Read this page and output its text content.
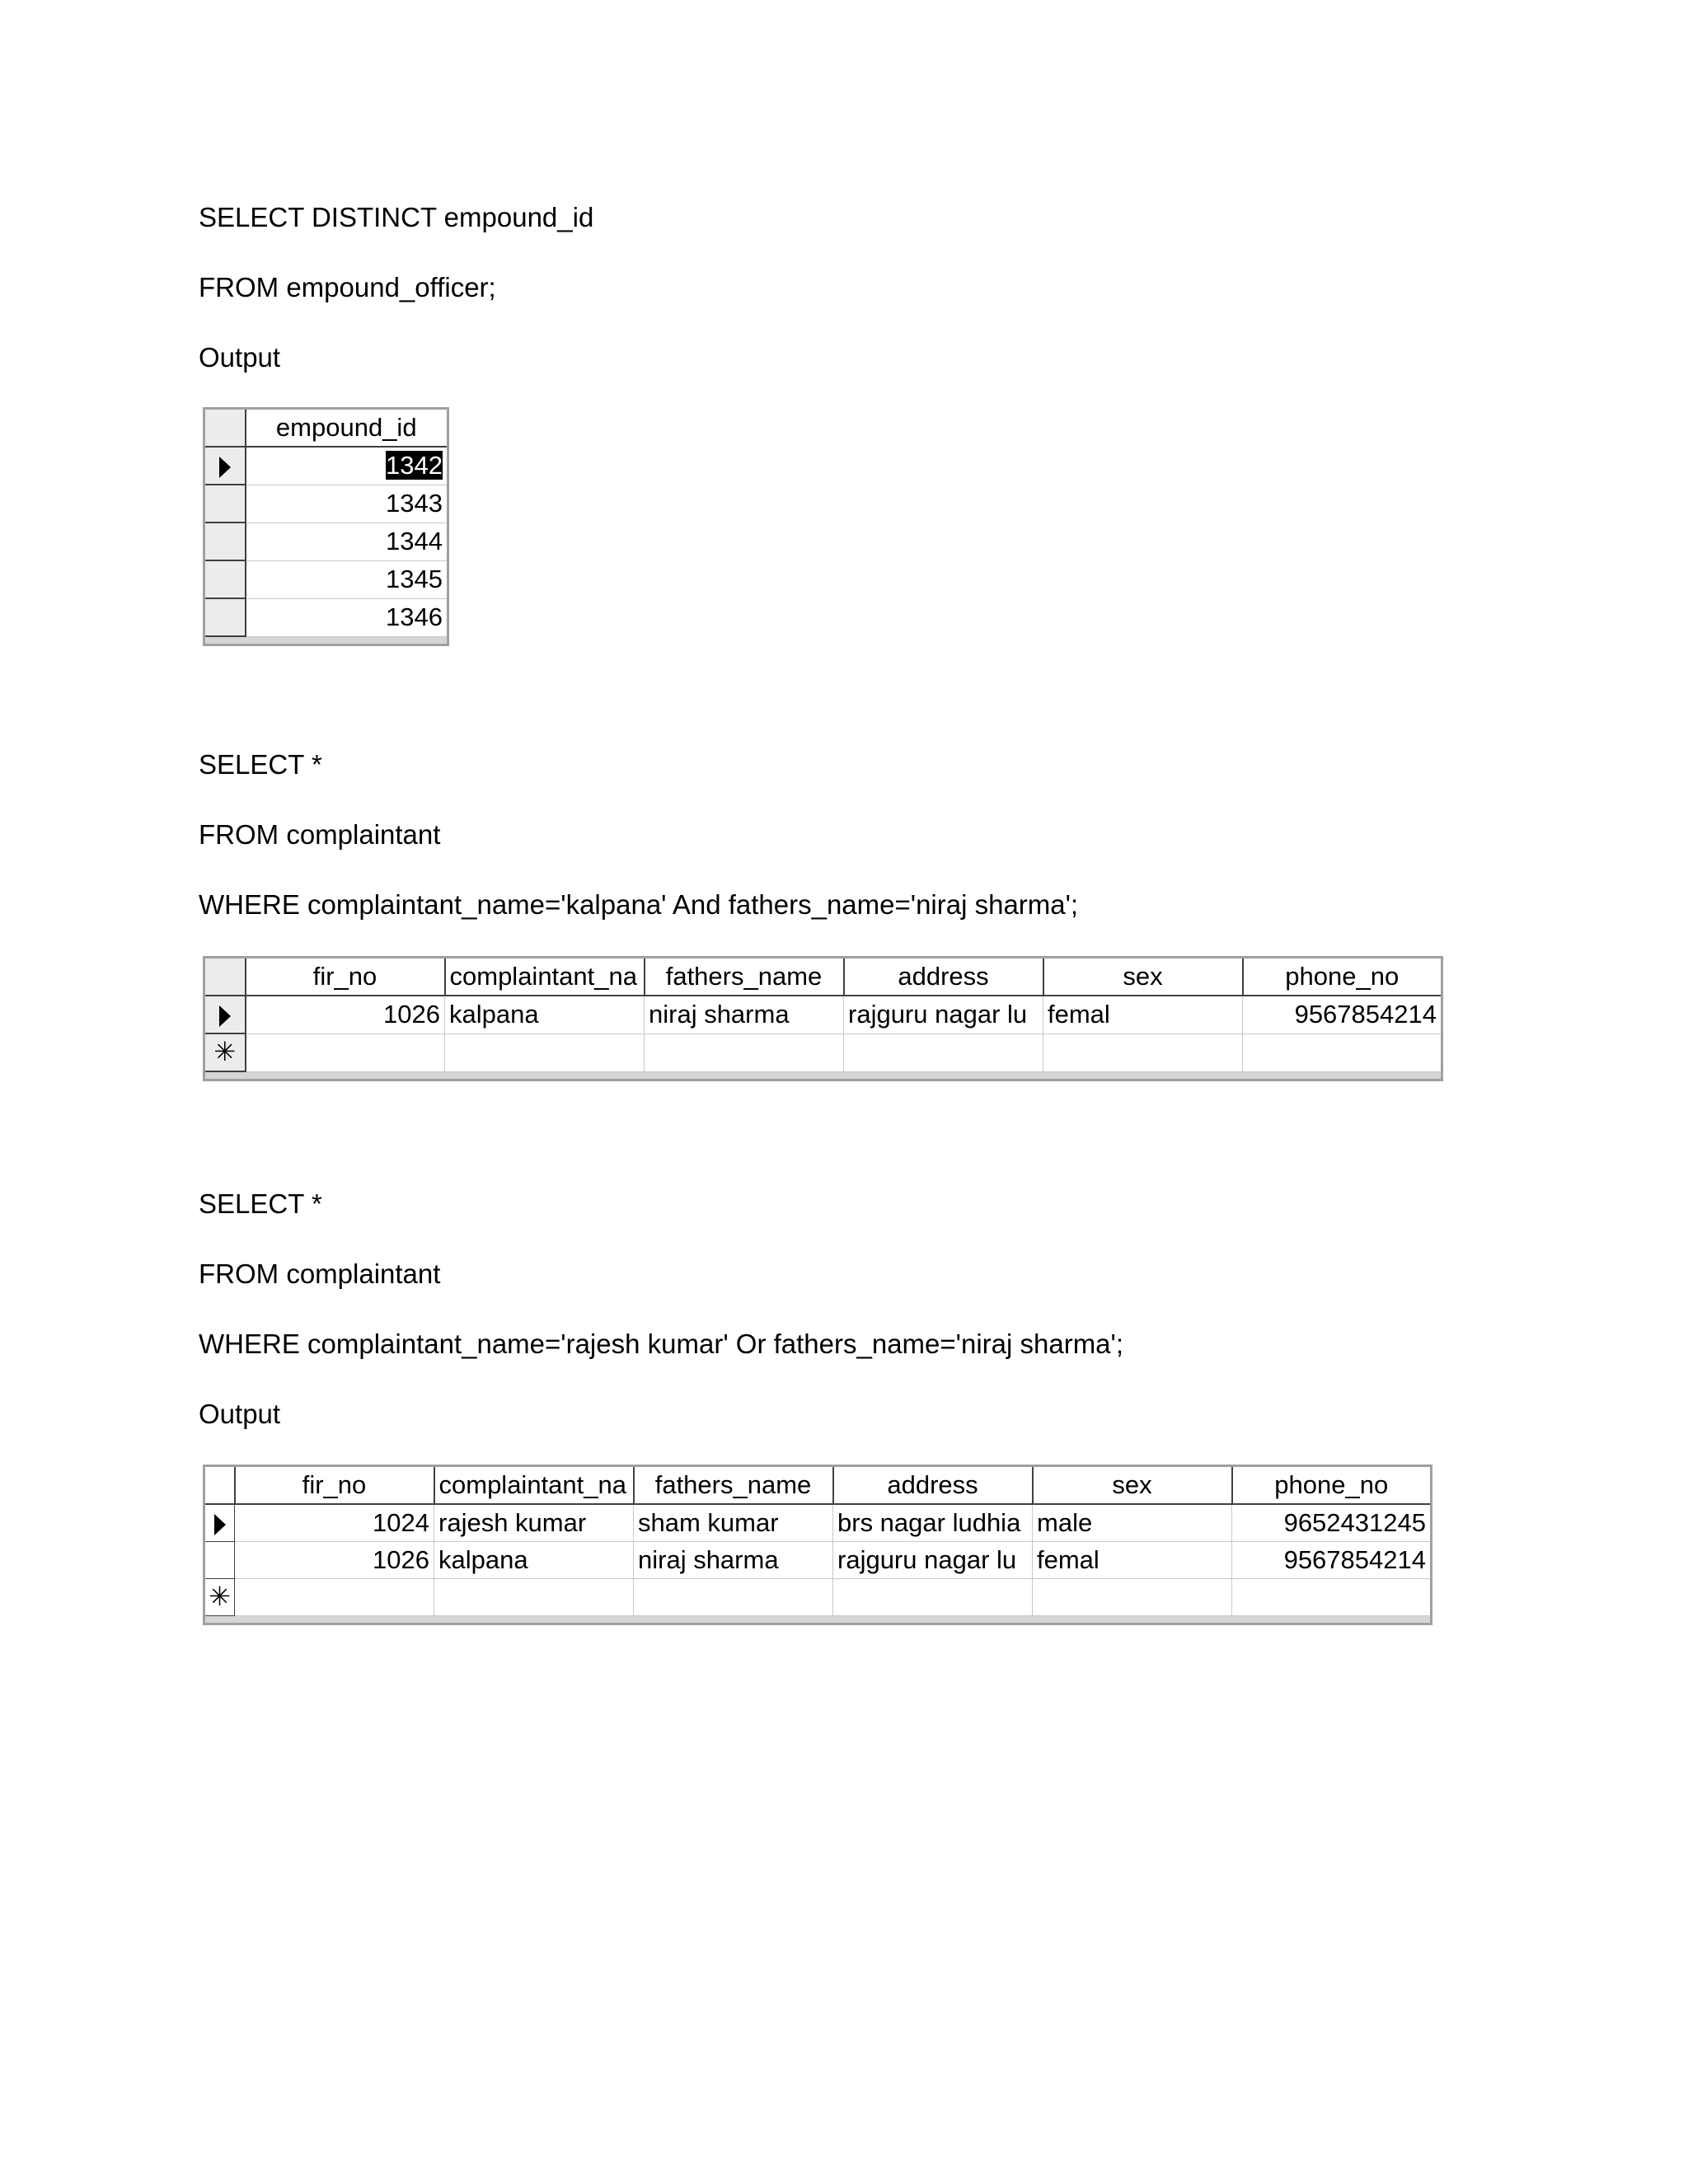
SELECT DISTINCT empound_id
FROM empound_officer;
Output
	empound_id
	1342
	1343
	1344
	1345
	1346

SELECT *
FROM complaintant
WHERE complaintant_name='kalpana' And fathers_name='niraj sharma';
	fir_no	complaintant_na	fathers_name	address	sex	phone_no
	1026	kalpana	niraj sharma	rajguru nagar lu	femal	9567854214
✳						

SELECT *
FROM complaintant
WHERE complaintant_name='rajesh kumar' Or fathers_name='niraj sharma';
Output
	fir_no	complaintant_na	fathers_name	address	sex	phone_no
	1024	rajesh kumar	sham kumar	brs nagar ludhia	male	9652431245
	1026	kalpana	niraj sharma	rajguru nagar lu	femal	9567854214
✳						
